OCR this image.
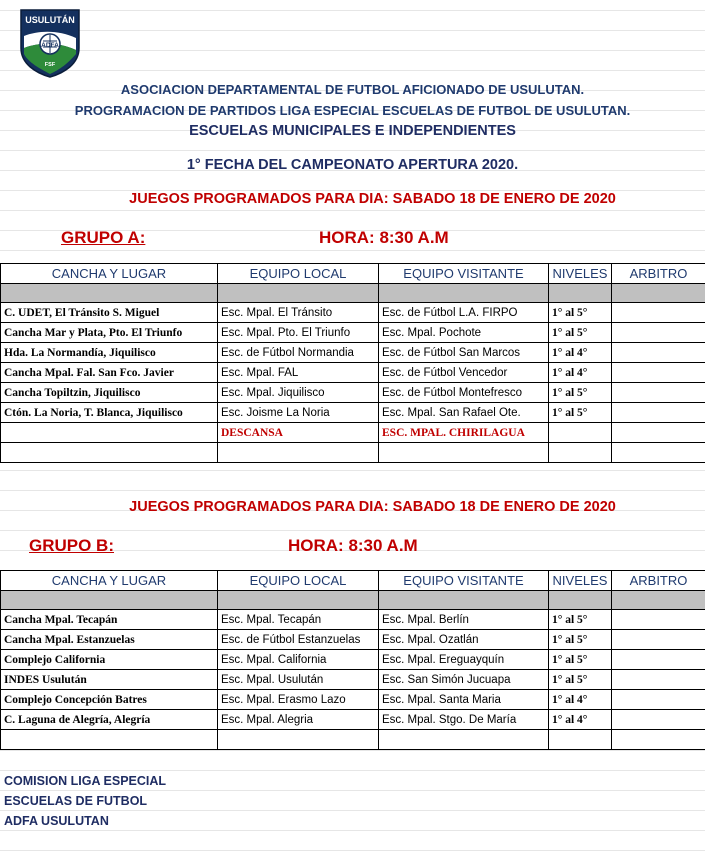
USULUTÁN
ADFA
FSF
ASOCIACION DEPARTAMENTAL DE FUTBOL AFICIONADO DE USULUTAN.
PROGRAMACION DE PARTIDOS LIGA ESPECIAL ESCUELAS DE FUTBOL DE USULUTAN.
ESCUELAS MUNICIPALES E INDEPENDIENTES
1° FECHA DEL CAMPEONATO APERTURA 2020.
JUEGOS PROGRAMADOS PARA DIA: SABADO 18 DE ENERO DE 2020
GRUPO A:	HORA: 8:30 A.M
CANCHA Y LUGAR	EQUIPO LOCAL	EQUIPO VISITANTE	NIVELES	ARBITRO

C. UDET, El Tránsito S. Miguel	Esc. Mpal. El Tránsito	Esc. de Fútbol L.A. FIRPO	1° al 5°	
Cancha Mar y Plata, Pto. El Triunfo	Esc. Mpal. Pto. El Triunfo	Esc. Mpal. Pochote	1° al 5°	
Hda. La Normandía, Jiquilisco	Esc. de Fútbol Normandia	Esc. de Fútbol San Marcos	1° al 4°	
Cancha Mpal. Fal. San Fco. Javier	Esc. Mpal. FAL	Esc. de Fútbol Vencedor	1° al 4°	
Cancha Topiltzin, Jiquilisco	Esc. Mpal. Jiquilisco	Esc. de Fútbol Montefresco	1° al 5°	
Ctón. La Noria, T. Blanca, Jiquilisco	Esc. Joisme La Noria	Esc. Mpal. San Rafael Ote.	1° al 5°	
	DESCANSA	ESC. MPAL. CHIRILAGUA		

JUEGOS PROGRAMADOS PARA DIA: SABADO 18 DE ENERO DE 2020
GRUPO B:	HORA: 8:30 A.M
CANCHA Y LUGAR	EQUIPO LOCAL	EQUIPO VISITANTE	NIVELES	ARBITRO

Cancha Mpal. Tecapán	Esc. Mpal. Tecapán	Esc. Mpal. Berlín	1° al 5°	
Cancha Mpal. Estanzuelas	Esc. de Fútbol Estanzuelas	Esc. Mpal. Ozatlán	1° al 5°	
Complejo California	Esc. Mpal. California	Esc. Mpal. Ereguayquín	1° al 5°	
INDES Usulután	Esc. Mpal. Usulután	Esc. San Simón Jucuapa	1° al 5°	
Complejo Concepción Batres	Esc. Mpal. Erasmo Lazo	Esc. Mpal. Santa Maria	1° al 4°	
C. Laguna de Alegría, Alegría	Esc. Mpal. Alegria	Esc. Mpal. Stgo. De María	1° al 4°	

COMISION LIGA ESPECIAL
ESCUELAS DE FUTBOL
ADFA USULUTAN
